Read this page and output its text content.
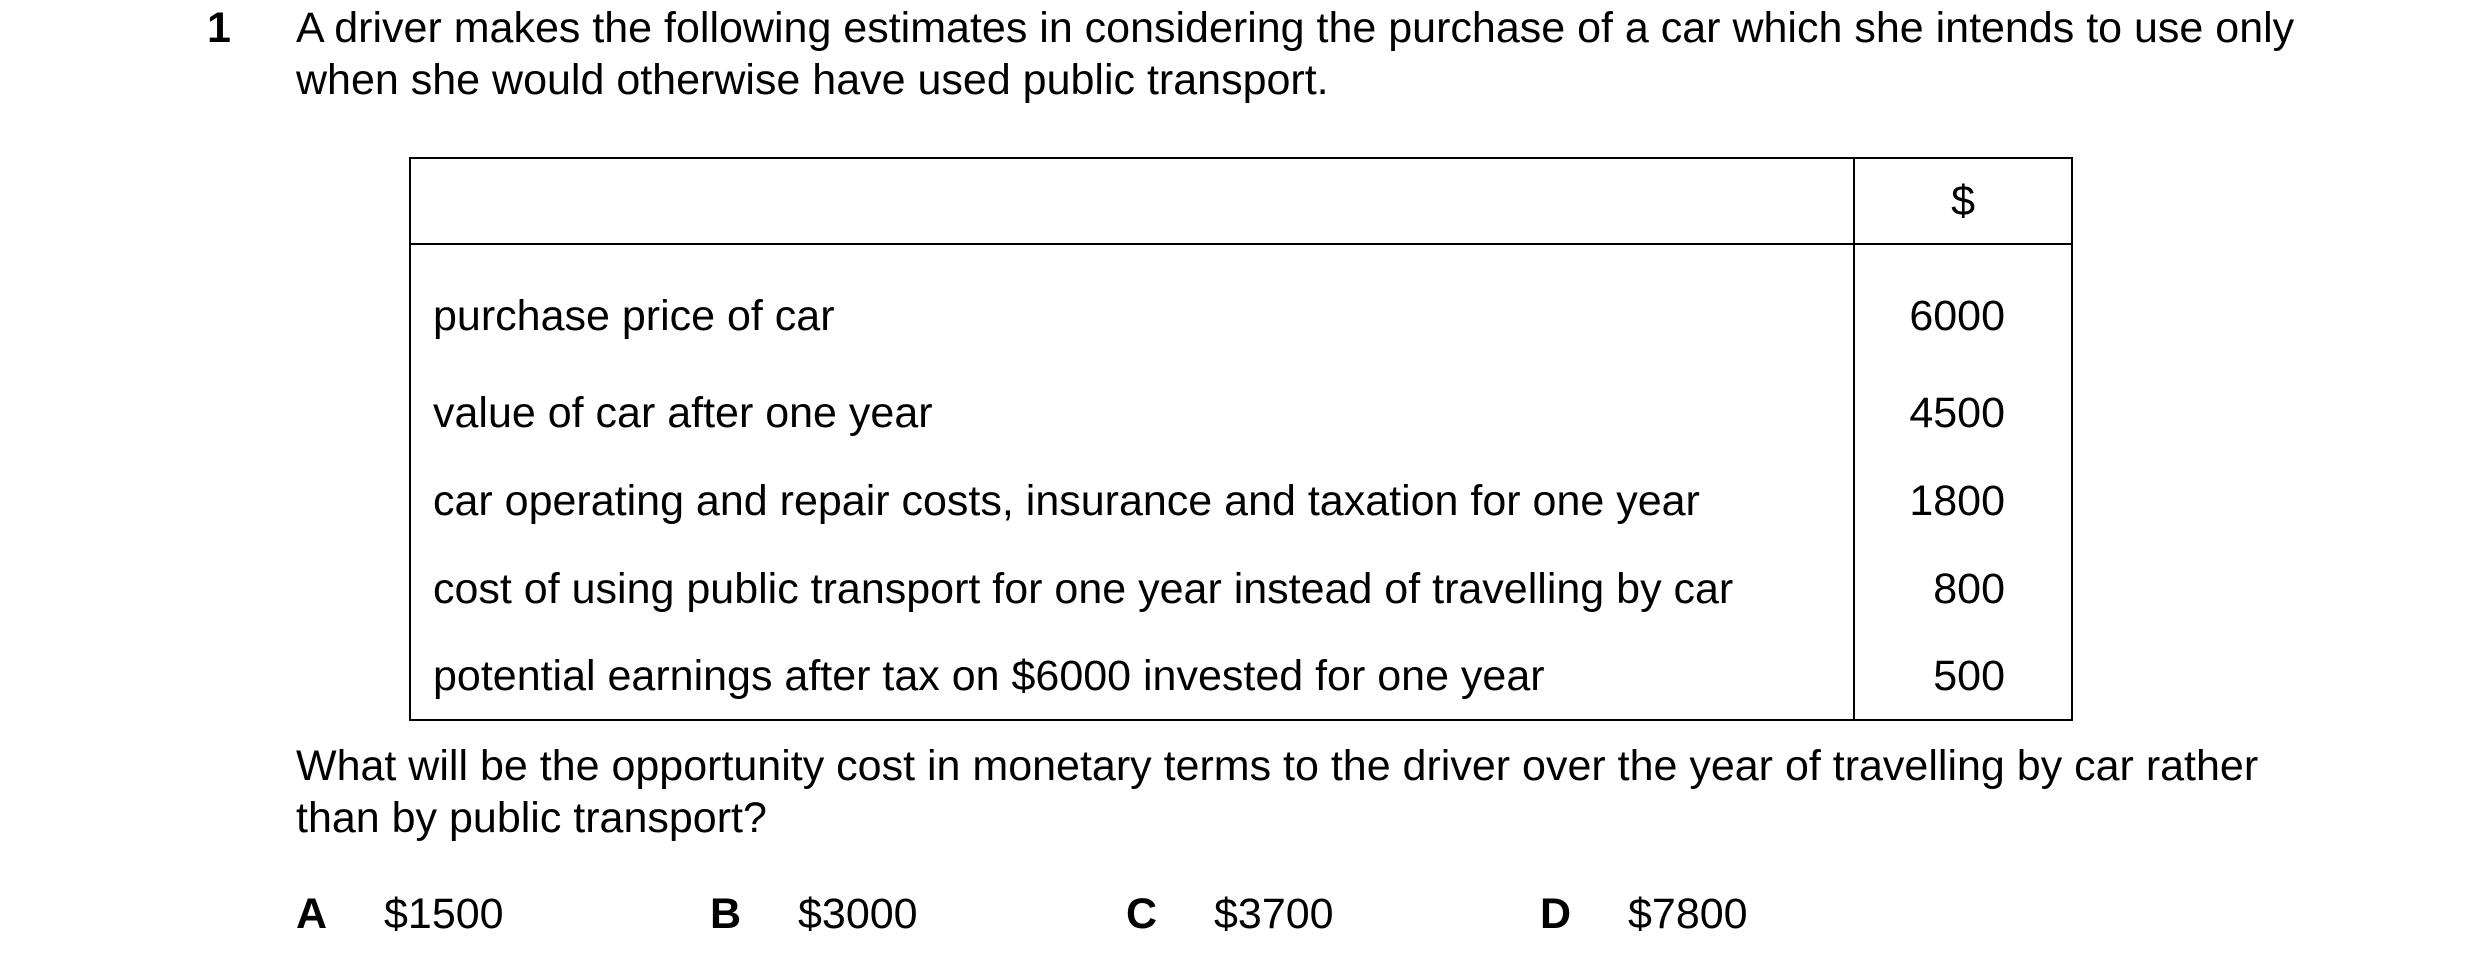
1 A driver makes the following estimates in considering the purchase of a car which she intends to use only when she would otherwise have used public transport.

	$
purchase price of car	6000
value of car after one year	4500
car operating and repair costs, insurance and taxation for one year	1800
cost of using public transport for one year instead of travelling by car	800
potential earnings after tax on $6000 invested for one year	500

What will be the opportunity cost in monetary terms to the driver over the year of travelling by car rather than by public transport?

A $1500	B $3000	C $3700	D $7800
